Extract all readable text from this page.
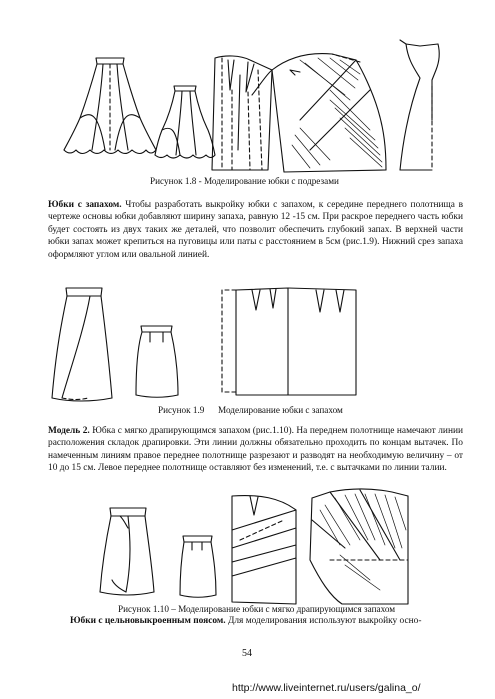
Рисунок 1.8 - Моделирование юбки с подрезами
Юбки с запахом. Чтобы разработать выкройку юбки с запахом, к середине переднего полотнища в чертеже основы юбки добавляют ширину запаха, равную 12 -15 см. При раскрое переднего часть юбки будет состоять из двух таких же деталей, что позволит обеспечить глубокий запах. В верхней части юбки запах может крепиться на пуговицы или паты с расстоянием в 5см (рис.1.9). Нижний срез запаха оформляют углом или овальной линией.
Рисунок 1.9 Моделирование юбки с запахом
Модель 2. Юбка с мягко драпирующимся запахом (рис.1.10). На переднем полотнище намечают линии расположения складок драпировки. Эти линии должны обязательно проходить по концам вытачек. По намеченным линиям правое переднее полотнище разрезают и разводят на необходимую величину – от 10 до 15 см. Левое переднее полотнище оставляют без изменений, т.е. с вытачками по линии талии.
Рисунок 1.10 – Моделирование юбки с мягко драпирующимся запахом
Юбки с цельновыкроенным поясом. Для моделирования используют выкройку осно-
54
http://www.liveinternet.ru/users/galina_o/
